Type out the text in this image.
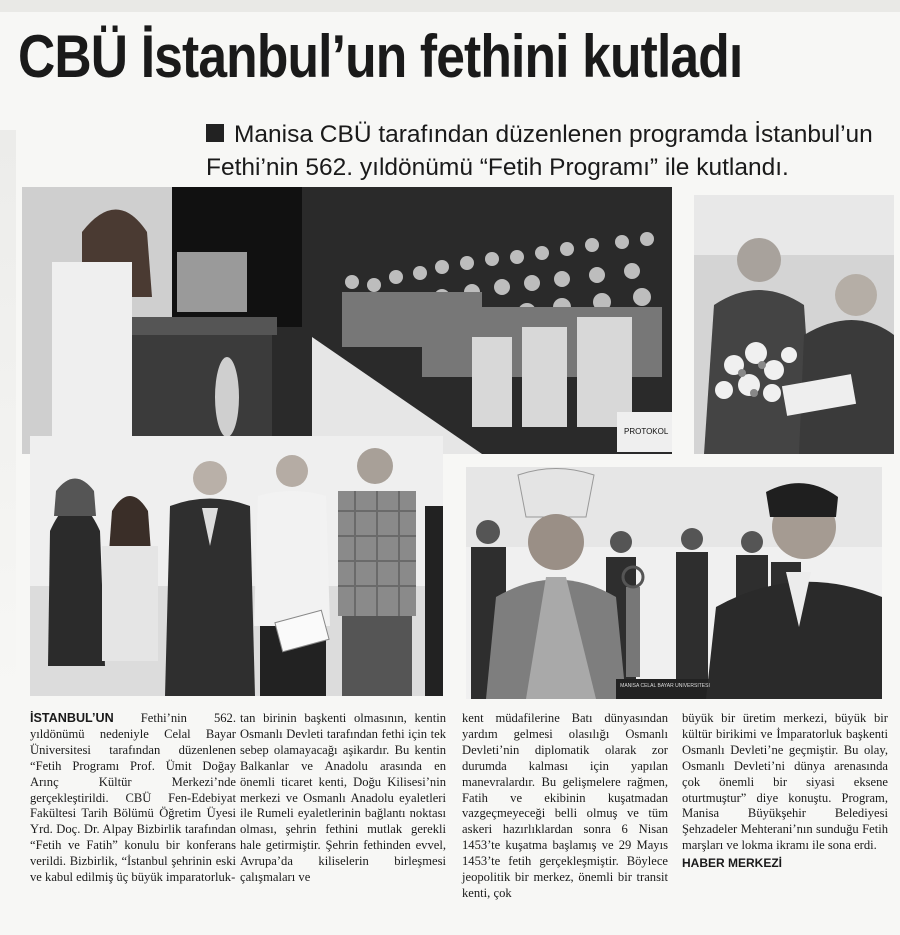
CBÜ İstanbul’un fethini kutladı
Manisa CBÜ tarafından düzenlenen programda İstanbul’un Fethi’nin 562. yıldönümü “Fetih Programı” ile kutlandı.
PROTOKOL
MANİSA CELAL BAYAR ÜNİVERSİTESİ

İSTANBUL’UN Fethi’nin 562. yıldönümü nedeniyle Celal Bayar Üniversitesi tarafından düzenlenen “Fetih Programı Prof. Ümit Doğay Arınç Kültür Merkezi’nde gerçekleştirildi. CBÜ Fen-Edebiyat Fakültesi Tarih Bölümü Öğretim Üyesi Yrd. Doç. Dr. Alpay Bizbirlik tarafından “Fetih ve Fatih” konulu bir konferans verildi. Bizbirlik, “İstanbul şehrinin eski ve kabul edilmiş üç büyük imparatorluk-

tan birinin başkenti olmasının, kentin Osmanlı Devleti tarafından fethi için tek sebep olamayacağı aşikardır. Bu kentin Balkanlar ve Anadolu arasında en önemli ticaret kenti, Doğu Kilisesi’nin merkezi ve Osmanlı Anadolu eyaletleri ile Rumeli eyaletlerinin bağlantı noktası olması, şehrin fethini mutlak gerekli hale getirmiştir. Şehrin fethinden evvel, Avrupa’da kiliselerin birleşmesi çalışmaları ve

kent müdafilerine Batı dünyasından yardım gelmesi olasılığı Osmanlı Devleti’nin diplomatik olarak zor durumda kalması için yapılan manevralardır. Bu gelişmelere rağmen, Fatih ve ekibinin kuşatmadan vazgeçmeyeceği belli olmuş ve tüm askeri hazırlıklardan sonra 6 Nisan 1453’te kuşatma başlamış ve 29 Mayıs 1453’te fetih gerçekleşmiştir. Böylece jeopolitik bir merkez, önemli bir transit kenti, çok

büyük bir üretim merkezi, büyük bir kültür birikimi ve İmparatorluk başkenti Osmanlı Devleti’ne geçmiştir. Bu olay, Osmanlı Devleti’ni dünya arenasında çok önemli bir siyasi eksene oturtmuştur” diye konuştu. Program, Manisa Büyükşehir Belediyesi Şehzadeler Mehterani’nın sunduğu Fetih marşları ve lokma ikramı ile sona erdi.

HABER MERKEZİ
